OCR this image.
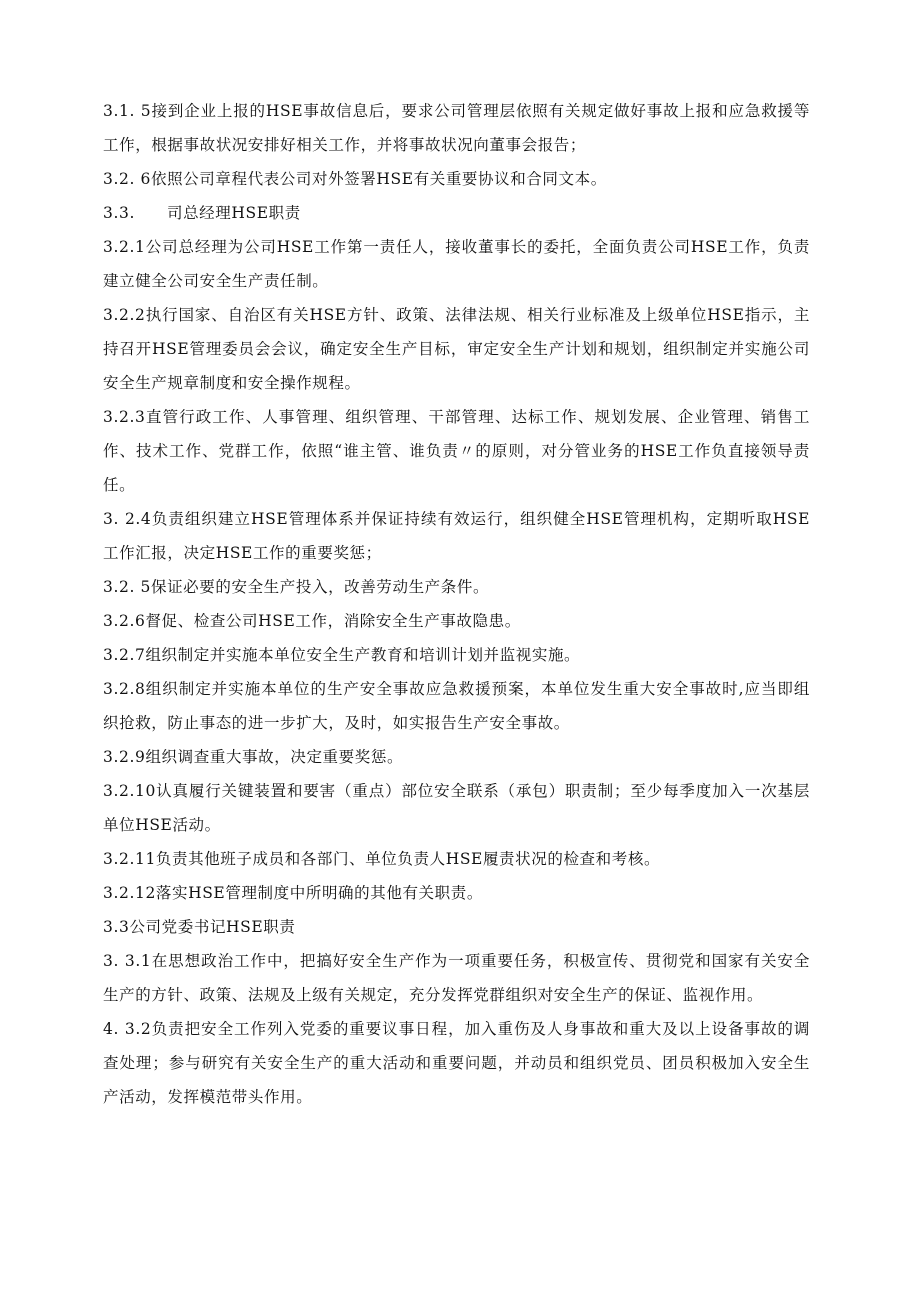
3.1. 5接到企业上报的HSE事故信息后，要求公司管理层依照有关规定做好事故上报和应急救援等工作，根据事故状况安排好相关工作，并将事故状况向董事会报告；

3.2. 6依照公司章程代表公司对外签署HSE有关重要协议和合同文本。

3.3. 司总经理HSE职责

3.2.1公司总经理为公司HSE工作第一责任人，接收董事长的委托，全面负责公司HSE工作，负责建立健全公司安全生产责任制。

3.2.2执行国家、自治区有关HSE方针、政策、法律法规、相关行业标准及上级单位HSE指示，主持召开HSE管理委员会会议，确定安全生产目标，审定安全生产计划和规划，组织制定并实施公司安全生产规章制度和安全操作规程。

3.2.3直管行政工作、人事管理、组织管理、干部管理、达标工作、规划发展、企业管理、销售工作、技术工作、党群工作，依照“谁主管、谁负责〃的原则，对分管业务的HSE工作负直接领导责任。

3. 2.4负责组织建立HSE管理体系并保证持续有效运行，组织健全HSE管理机构，定期听取HSE工作汇报，决定HSE工作的重要奖惩；

3.2. 5保证必要的安全生产投入，改善劳动生产条件。

3.2.6督促、检查公司HSE工作，消除安全生产事故隐患。

3.2.7组织制定并实施本单位安全生产教育和培训计划并监视实施。

3.2.8组织制定并实施本单位的生产安全事故应急救援预案，本单位发生重大安全事故时,应当即组织抢救，防止事态的进一步扩大，及时，如实报告生产安全事故。

3.2.9组织调查重大事故，决定重要奖惩。

3.2.10认真履行关键装置和要害（重点）部位安全联系（承包）职责制；至少每季度加入一次基层单位HSE活动。

3.2.11负责其他班子成员和各部门、单位负责人HSE履责状况的检查和考核。

3.2.12落实HSE管理制度中所明确的其他有关职责。

3.3公司党委书记HSE职责

3. 3.1在思想政治工作中，把搞好安全生产作为一项重要任务，积极宣传、贯彻党和国家有关安全生产的方针、政策、法规及上级有关规定，充分发挥党群组织对安全生产的保证、监视作用。

4. 3.2负责把安全工作列入党委的重要议事日程，加入重伤及人身事故和重大及以上设备事故的调查处理；参与研究有关安全生产的重大活动和重要问题，并动员和组织党员、团员积极加入安全生产活动，发挥模范带头作用。
